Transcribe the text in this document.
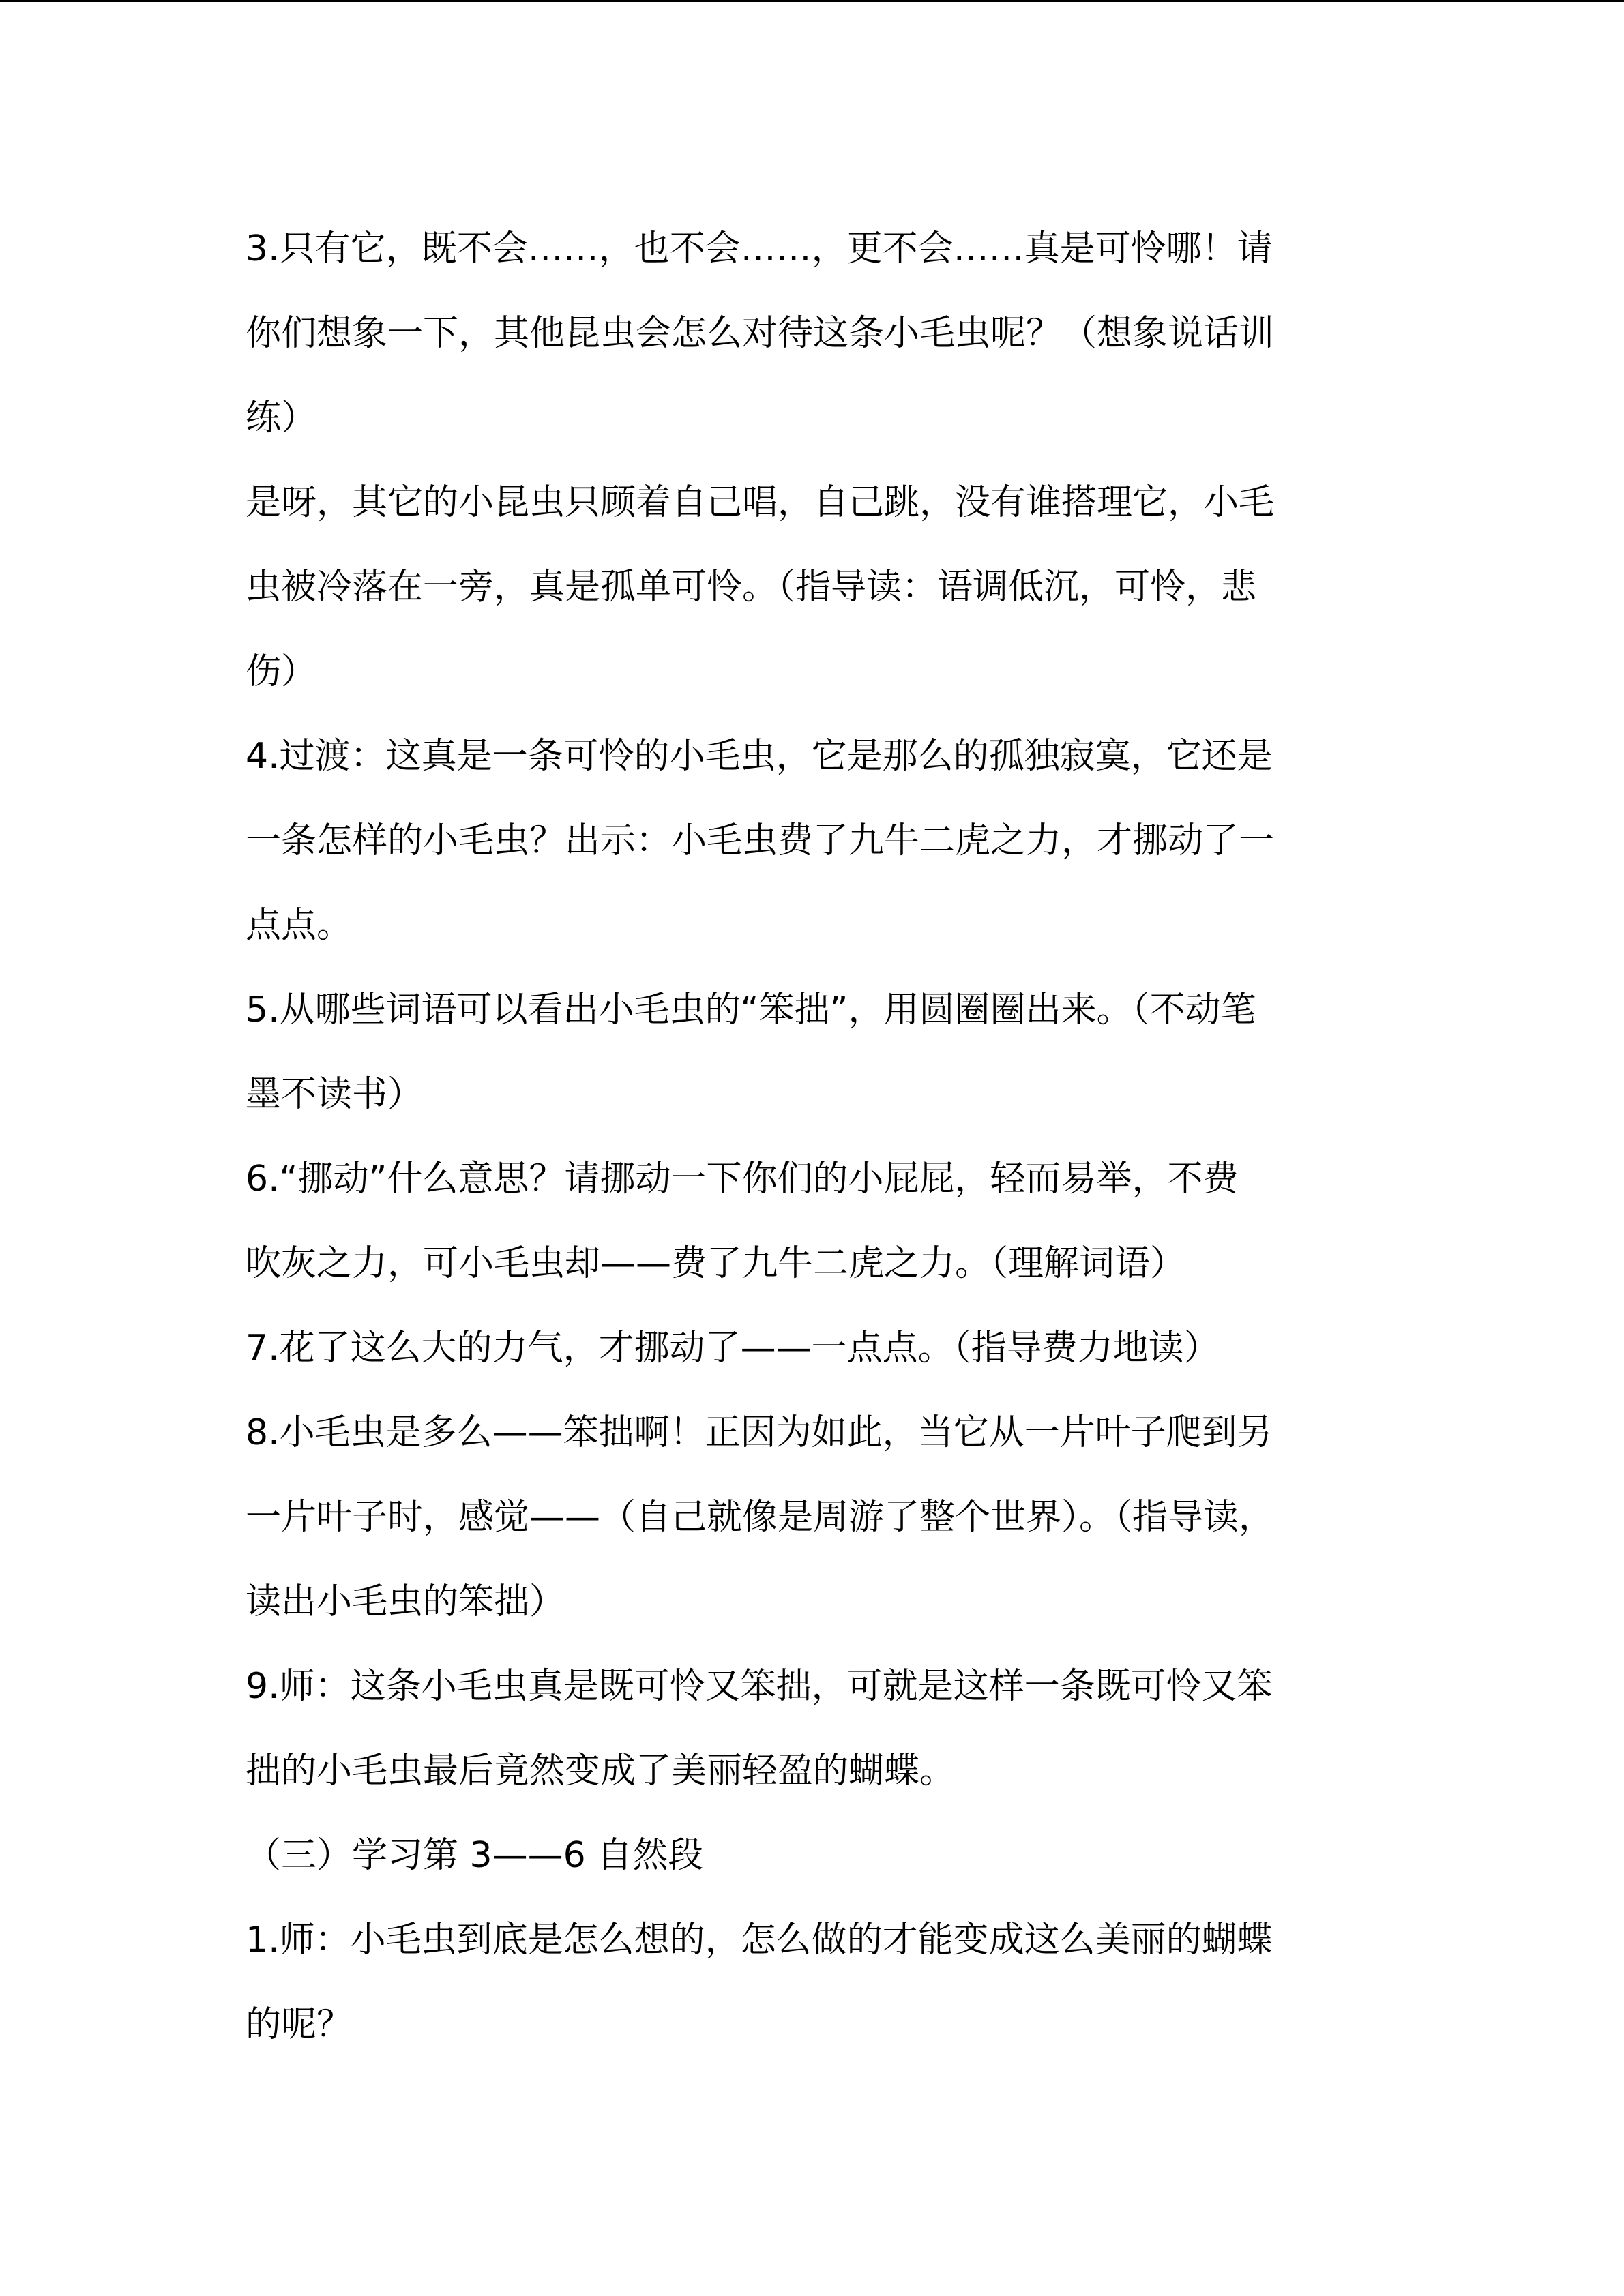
3.只有它，既不会……，也不会……，更不会……真是可怜哪！请
你们想象一下，其他昆虫会怎么对待这条小毛虫呢？（想象说话训
练）
是呀，其它的小昆虫只顾着自己唱，自己跳，没有谁搭理它，小毛
虫被冷落在一旁，真是孤单可怜。（指导读：语调低沉，可怜，悲
伤）
4.过渡：这真是一条可怜的小毛虫，它是那么的孤独寂寞，它还是
一条怎样的小毛虫？出示：小毛虫费了九牛二虎之力，才挪动了一
点点。
5.从哪些词语可以看出小毛虫的“笨拙”，用圆圈圈出来。（不动笔
墨不读书）
6.“挪动”什么意思？请挪动一下你们的小屁屁，轻而易举，不费
吹灰之力，可小毛虫却——费了九牛二虎之力。（理解词语）
7.花了这么大的力气，才挪动了——一点点。（指导费力地读）
8.小毛虫是多么——笨拙啊！正因为如此，当它从一片叶子爬到另
一片叶子时，感觉——（自己就像是周游了整个世界）。（指导读，
读出小毛虫的笨拙）
9.师：这条小毛虫真是既可怜又笨拙，可就是这样一条既可怜又笨
拙的小毛虫最后竟然变成了美丽轻盈的蝴蝶。
（三）学习第 3——6 自然段
1.师：小毛虫到底是怎么想的，怎么做的才能变成这么美丽的蝴蝶
的呢？
